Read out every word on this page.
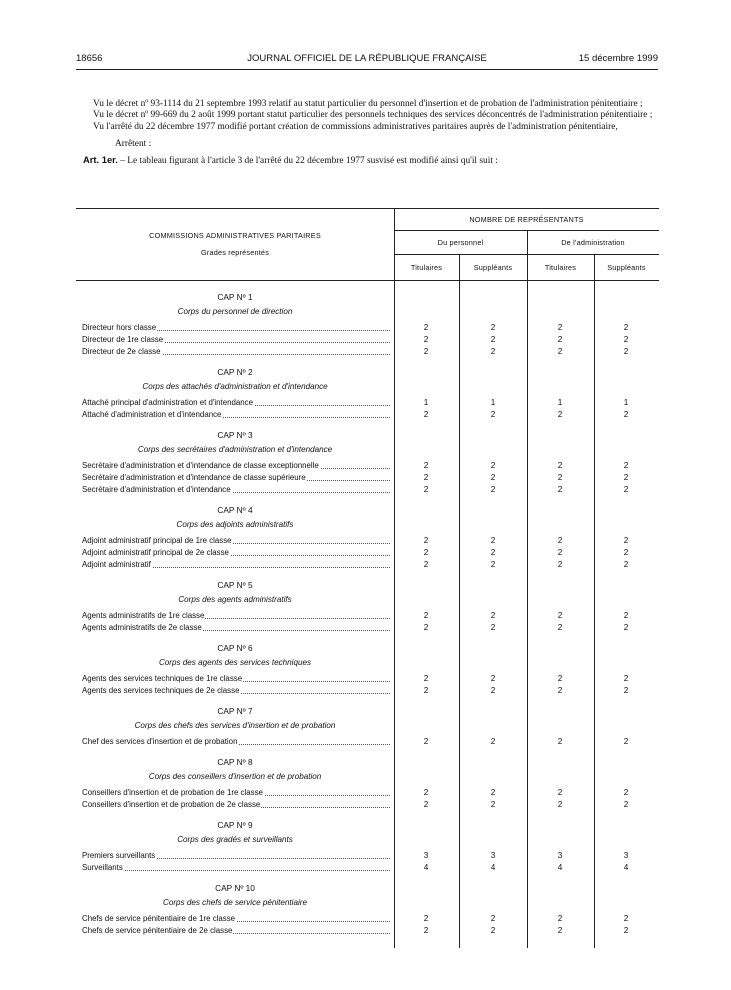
18656	JOURNAL OFFICIEL DE LA RÉPUBLIQUE FRANÇAISE	15 décembre 1999

Vu le décret nº 93-1114 du 21 septembre 1993 relatif au statut particulier du personnel d'insertion et de probation de l'administration pénitentiaire ;

Vu le décret nº 99-669 du 2 août 1999 portant statut particulier des personnels techniques des services déconcentrés de l'administration pénitentiaire ;

Vu l'arrêté du 22 décembre 1977 modifié portant création de commissions administratives paritaires auprès de l'administration pénitentiaire,

Arrêtent :

Art. 1er. – Le tableau figurant à l'article 3 de l'arrêté du 22 décembre 1977 susvisé est modifié ainsi qu'il suit :

COMMISSIONS ADMINISTRATIVES PARITAIRES
Grades représentés
NOMBRE DE REPRÉSENTANTS
Du personnel	De l'administration
Titulaires	Suppléants	Titulaires	Suppléants
CAP Nº 1
Corps du personnel de direction
Directeur hors classe	2	2	2	2
Directeur de 1re classe	2	2	2	2
Directeur de 2e classe	2	2	2	2
CAP Nº 2
Corps des attachés d'administration et d'intendance
Attaché principal d'administration et d'intendance	1	1	1	1
Attaché d'administration et d'intendance	2	2	2	2
CAP Nº 3
Corps des secrétaires d'administration et d'intendance
Secrétaire d'administration et d'intendance de classe exceptionnelle	2	2	2	2
Secrétaire d'administration et d'intendance de classe supérieure	2	2	2	2
Secrétaire d'administration et d'intendance	2	2	2	2
CAP Nº 4
Corps des adjoints administratifs
Adjoint administratif principal de 1re classe	2	2	2	2
Adjoint administratif principal de 2e classe	2	2	2	2
Adjoint administratif	2	2	2	2
CAP Nº 5
Corps des agents administratifs
Agents administratifs de 1re classe	2	2	2	2
Agents administratifs de 2e classe	2	2	2	2
CAP Nº 6
Corps des agents des services techniques
Agents des services techniques de 1re classe	2	2	2	2
Agents des services techniques de 2e classe	2	2	2	2
CAP Nº 7
Corps des chefs des services d'insertion et de probation
Chef des services d'insertion et de probation	2	2	2	2
CAP Nº 8
Corps des conseillers d'insertion et de probation
Conseillers d'insertion et de probation de 1re classe	2	2	2	2
Conseillers d'insertion et de probation de 2e classe	2	2	2	2
CAP Nº 9
Corps des gradés et surveillants
Premiers surveillants	3	3	3	3
Surveillants	4	4	4	4
CAP Nº 10
Corps des chefs de service pénitentiaire
Chefs de service pénitentiaire de 1re classe	2	2	2	2
Chefs de service pénitentiaire de 2e classe	2	2	2	2
